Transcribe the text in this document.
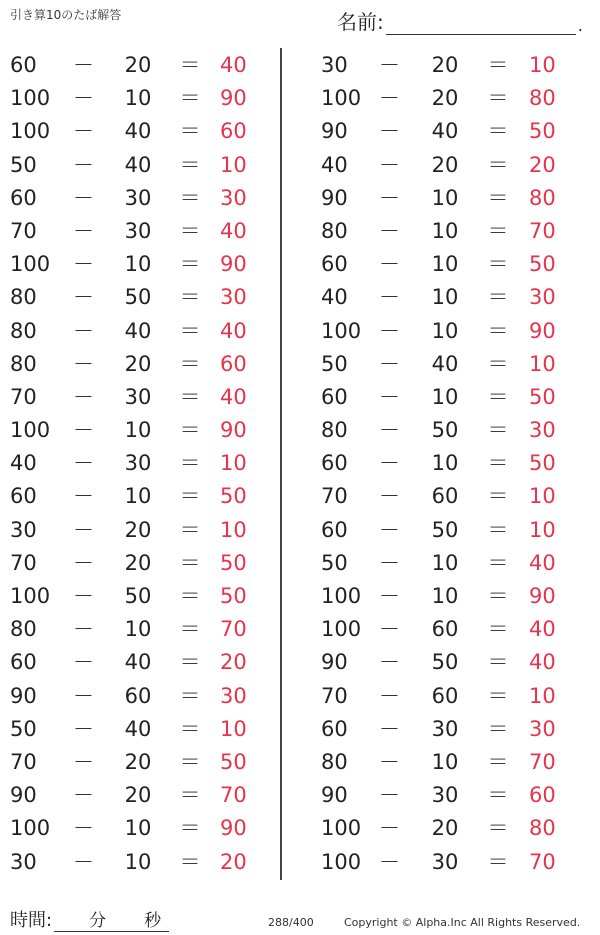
引き算10のたば解答	名前:	.
60	－	20	＝ 40
100	－	10	＝ 90
100	－	40	＝ 60
50	－	40	＝ 10
60	－	30	＝ 30
70	－	30	＝ 40
100	－	10	＝ 90
80	－	50	＝ 30
80	－	40	＝ 40
80	－	20	＝ 60
70	－	30	＝ 40
100	－	10	＝ 90
40	－	30	＝ 10
60	－	10	＝ 50
30	－	20	＝ 10
70	－	20	＝ 50
100	－	50	＝ 50
80	－	10	＝ 70
60	－	40	＝ 20
90	－	60	＝ 30
50	－	40	＝ 10
70	－	20	＝ 50
90	－	20	＝ 70
100	－	10	＝ 90
30	－	10	＝ 20
30	－	20	＝ 10
100 －	20	＝ 80
90	－	40	＝ 50
40	－	20	＝ 20
90	－	10	＝ 80
80	－	10	＝ 70
60	－	10	＝ 50
40	－	10	＝ 30
100 －	10	＝ 90
50	－	40	＝ 10
60	－	10	＝ 50
80	－	50	＝ 30
60	－	10	＝ 50
70	－	60	＝ 10
60	－	50	＝ 10
50	－	10	＝ 40
100 －	10	＝ 90
100 －	60	＝ 40
90	－	50	＝ 40
70	－	60	＝ 10
60	－	30	＝ 30
80	－	10	＝ 70
90	－	30	＝ 60
100 －	20	＝ 80
100 －	30	＝ 70
時間: 分 秒	288/400	Copyright © Alpha.Inc All Rights Reserved.
